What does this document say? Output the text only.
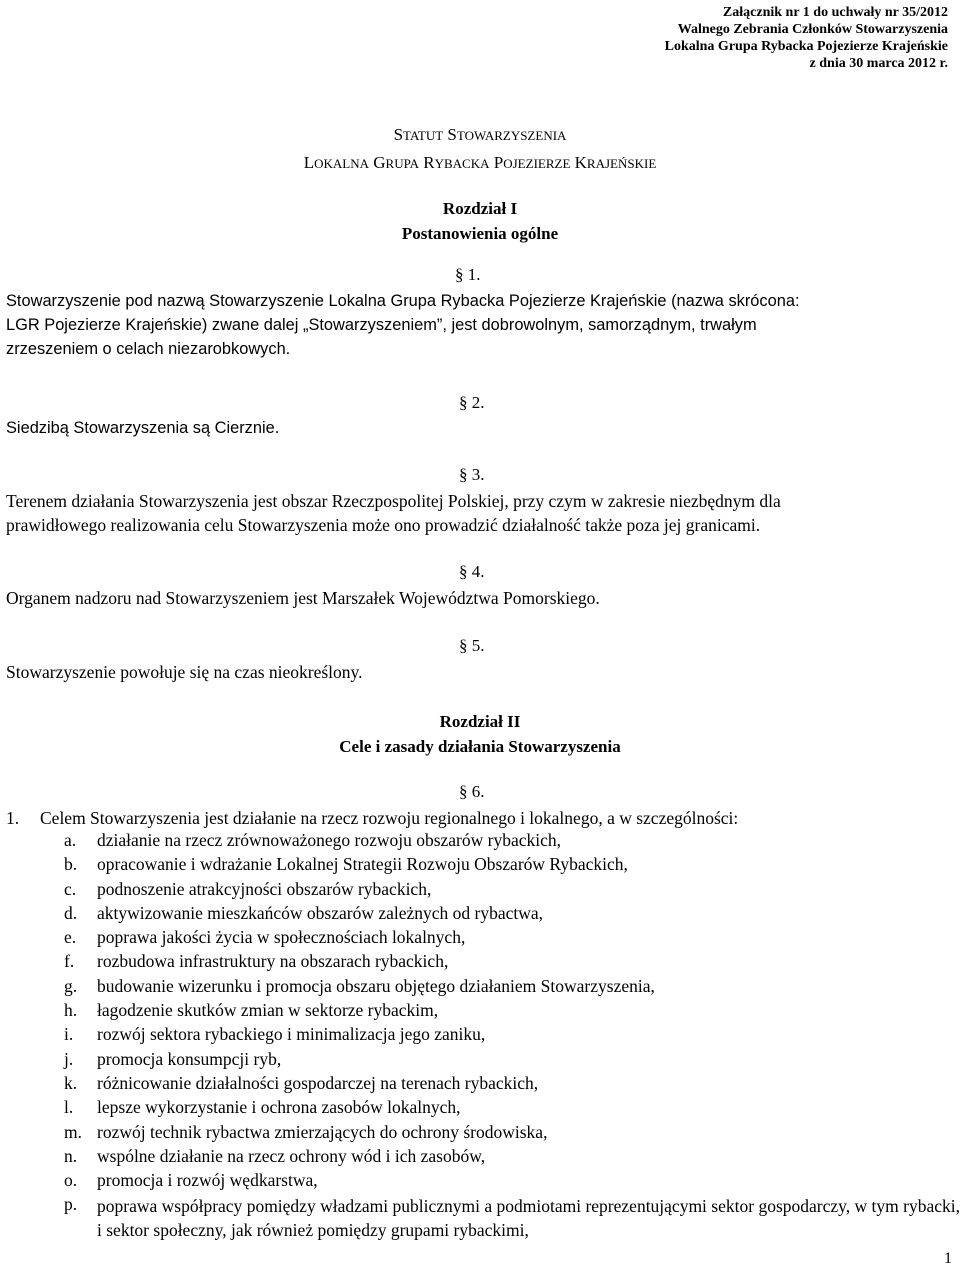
Załącznik nr 1 do uchwały nr 35/2012
Walnego Zebrania Członków Stowarzyszenia
Lokalna Grupa Rybacka Pojezierze Krajeńskie
z dnia 30 marca 2012 r.
STATUT STOWARZYSZENIA
LOKALNA GRUPA RYBACKA POJEZIERZE KRAJEŃSKIE
Rozdział I
Postanowienia ogólne
§ 1.
Stowarzyszenie pod nazwą Stowarzyszenie Lokalna Grupa Rybacka Pojezierze Krajeńskie (nazwa skrócona:
LGR Pojezierze Krajeńskie) zwane dalej „Stowarzyszeniem”, jest dobrowolnym, samorządnym, trwałym
zrzeszeniem o celach niezarobkowych.
§ 2.
Siedzibą Stowarzyszenia są Cierznie.
§ 3.
Terenem działania Stowarzyszenia jest obszar Rzeczpospolitej Polskiej, przy czym w zakresie niezbędnym dla
prawidłowego realizowania celu Stowarzyszenia może ono prowadzić działalność także poza jej granicami.
§ 4.
Organem nadzoru nad Stowarzyszeniem jest Marszałek Województwa Pomorskiego.
§ 5.
Stowarzyszenie powołuje się na czas nieokreślony.
Rozdział II
Cele i zasady działania Stowarzyszenia
§ 6.
1. Celem Stowarzyszenia jest działanie na rzecz rozwoju regionalnego i lokalnego, a w szczególności:
a. działanie na rzecz zrównoważonego rozwoju obszarów rybackich,
b. opracowanie i wdrażanie Lokalnej Strategii Rozwoju Obszarów Rybackich,
c. podnoszenie atrakcyjności obszarów rybackich,
d. aktywizowanie mieszkańców obszarów zależnych od rybactwa,
e. poprawa jakości życia w społecznościach lokalnych,
f. rozbudowa infrastruktury na obszarach rybackich,
g. budowanie wizerunku i promocja obszaru objętego działaniem Stowarzyszenia,
h. łagodzenie skutków zmian w sektorze rybackim,
i. rozwój sektora rybackiego i minimalizacja jego zaniku,
j. promocja konsumpcji ryb,
k. różnicowanie działalności gospodarczej na terenach rybackich,
l. lepsze wykorzystanie i ochrona zasobów lokalnych,
m. rozwój technik rybactwa zmierzających do ochrony środowiska,
n. wspólne działanie na rzecz ochrony wód i ich zasobów,
o. promocja i rozwój wędkarstwa,
p. poprawa współpracy pomiędzy władzami publicznymi a podmiotami reprezentującymi sektor gospodarczy, w tym rybacki, i sektor społeczny, jak również pomiędzy grupami rybackimi,
1
